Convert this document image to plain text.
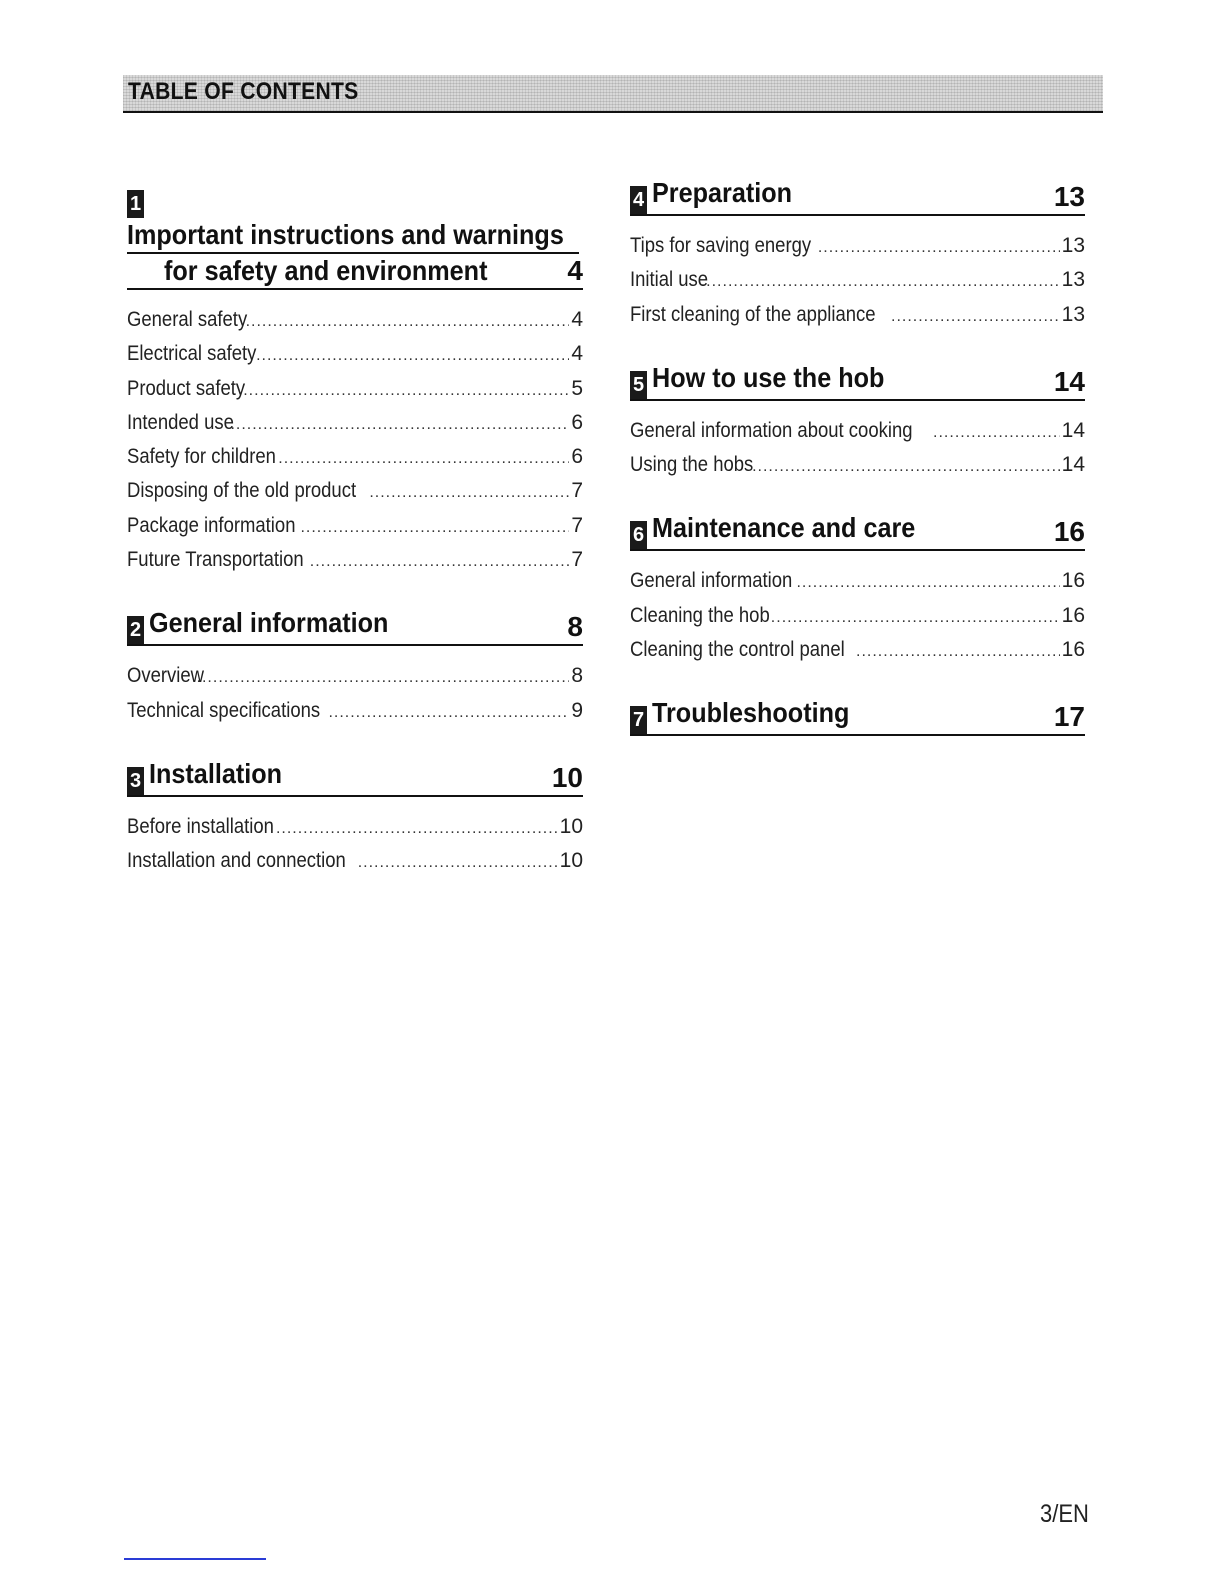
TABLE OF CONTENTS
1Important instructions and warnings
for safety and environment	4
General safety .....	4
Electrical safety .....	4
Product safety .....	5
Intended use .....	6
Safety for children .....	6
Disposing of the old product .....	7
Package information .....	7
Future Transportation .....	7
2 General information	8
Overview .....	8
Technical specifications .....	9
3 Installation	10
Before installation .....	10
Installation and connection .....	10
4 Preparation	13
Tips for saving energy .....	13
Initial use .....	13
First cleaning of the appliance .....	13
5 How to use the hob	14
General information about cooking .....	14
Using the hobs .....	14
6 Maintenance and care	16
General information .....	16
Cleaning the hob .....	16
Cleaning the control panel .....	16
7 Troubleshooting	17
3/EN
